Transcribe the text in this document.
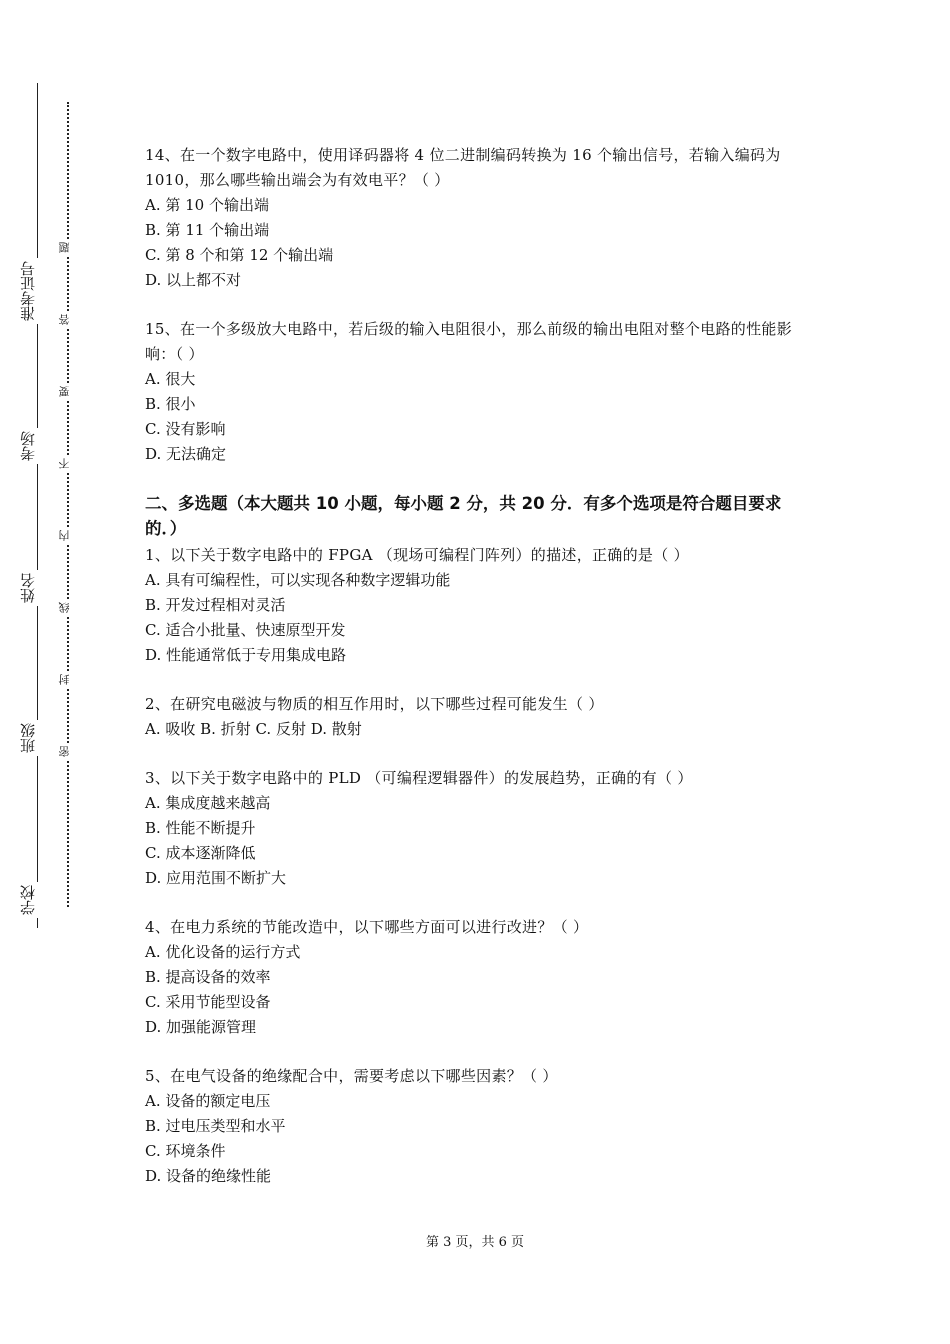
准考证号
考场
姓名
班级
学校
题
答
要
不
内
线
封
密
14、在一个数字电路中，使用译码器将 4 位二进制编码转换为 16 个输出信号，若输入编码为 1010，那么哪些输出端会为有效电平？（ ）
A. 第 10 个输出端
B. 第 11 个输出端
C. 第 8 个和第 12 个输出端
D. 以上都不对
15、在一个多级放大电路中，若后级的输入电阻很小，那么前级的输出电阻对整个电路的性能影响：（ ）
A. 很大
B. 很小
C. 没有影响
D. 无法确定
二、多选题（本大题共 10 小题，每小题 2 分，共 20 分．有多个选项是符合题目要求的．）
1、以下关于数字电路中的 FPGA （现场可编程门阵列）的描述，正确的是（ ）
A. 具有可编程性，可以实现各种数字逻辑功能
B. 开发过程相对灵活
C. 适合小批量、快速原型开发
D. 性能通常低于专用集成电路
2、在研究电磁波与物质的相互作用时，以下哪些过程可能发生（ ）
A. 吸收 B. 折射 C. 反射 D. 散射
3、以下关于数字电路中的 PLD （可编程逻辑器件）的发展趋势，正确的有（ ）
A. 集成度越来越高
B. 性能不断提升
C. 成本逐渐降低
D. 应用范围不断扩大
4、在电力系统的节能改造中，以下哪些方面可以进行改进？（ ）
A. 优化设备的运行方式
B. 提高设备的效率
C. 采用节能型设备
D. 加强能源管理
5、在电气设备的绝缘配合中，需要考虑以下哪些因素？（ ）
A. 设备的额定电压
B. 过电压类型和水平
C. 环境条件
D. 设备的绝缘性能
第 3 页，共 6 页
